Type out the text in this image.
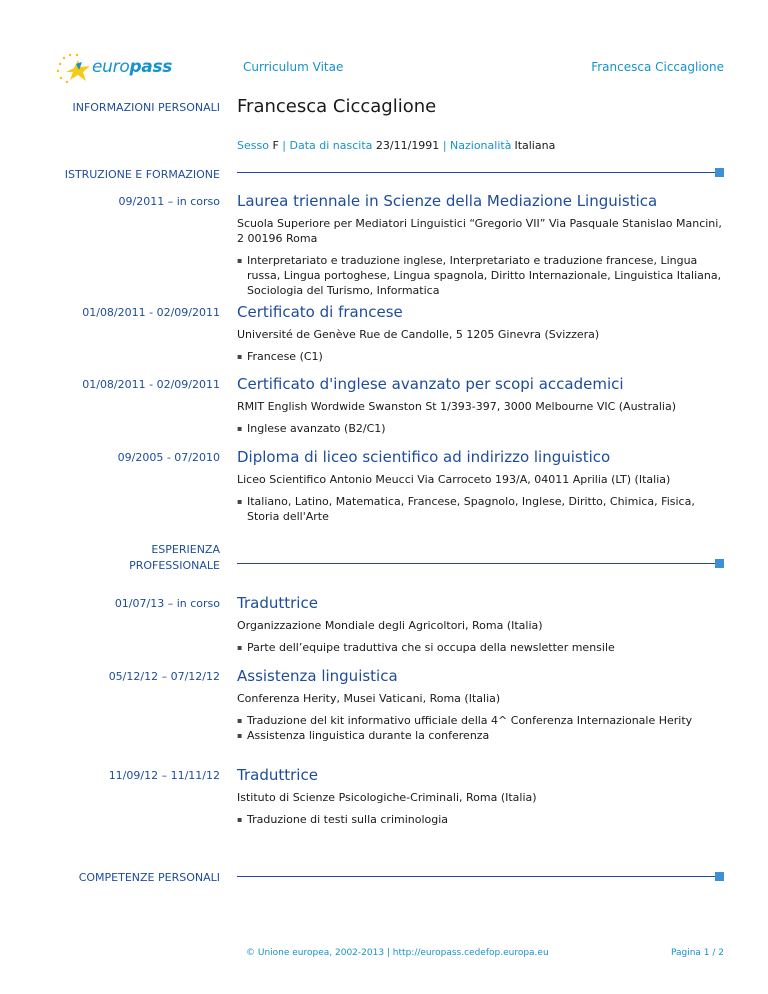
europass	Curriculum Vitae	Francesca Ciccaglione
INFORMAZIONI PERSONALI Francesca Ciccaglione
Sesso F | Data di nascita 23/11/1991 | Nazionalità Italiana
ISTRUZIONE E FORMAZIONE
09/2011 – in corso Laurea triennale in Scienze della Mediazione Linguistica
Scuola Superiore per Mediatori Linguistici “Gregorio VII” Via Pasquale Stanislao Mancini, 2 00196 Roma
▪ Interpretariato e traduzione inglese, Interpretariato e traduzione francese, Lingua russa, Lingua portoghese, Lingua spagnola, Diritto Internazionale, Linguistica Italiana, Sociologia del Turismo, Informatica
01/08/2011 - 02/09/2011 Certificato di francese
Université de Genève Rue de Candolle, 5 1205 Ginevra (Svizzera)
▪ Francese (C1)
01/08/2011 - 02/09/2011 Certificato d'inglese avanzato per scopi accademici
RMIT English Wordwide Swanston St 1/393-397, 3000 Melbourne VIC (Australia)
▪ Inglese avanzato (B2/C1)
09/2005 - 07/2010 Diploma di liceo scientifico ad indirizzo linguistico
Liceo Scientifico Antonio Meucci Via Carroceto 193/A, 04011 Aprilia (LT) (Italia)
▪ Italiano, Latino, Matematica, Francese, Spagnolo, Inglese, Diritto, Chimica, Fisica, Storia dell'Arte
ESPERIENZA
PROFESSIONALE
01/07/13 – in corso Traduttrice
Organizzazione Mondiale degli Agricoltori, Roma (Italia)
▪ Parte dell’equipe traduttiva che si occupa della newsletter mensile
05/12/12 – 07/12/12 Assistenza linguistica
Conferenza Herity, Musei Vaticani, Roma (Italia)
▪ Traduzione del kit informativo ufficiale della 4^ Conferenza Internazionale Herity
▪ Assistenza linguistica durante la conferenza
11/09/12 – 11/11/12 Traduttrice
Istituto di Scienze Psicologiche-Criminali, Roma (Italia)
▪ Traduzione di testi sulla criminologia
COMPETENZE PERSONALI
© Unione europea, 2002-2013 | http://europass.cedefop.europa.eu	Pagina 1 / 2
